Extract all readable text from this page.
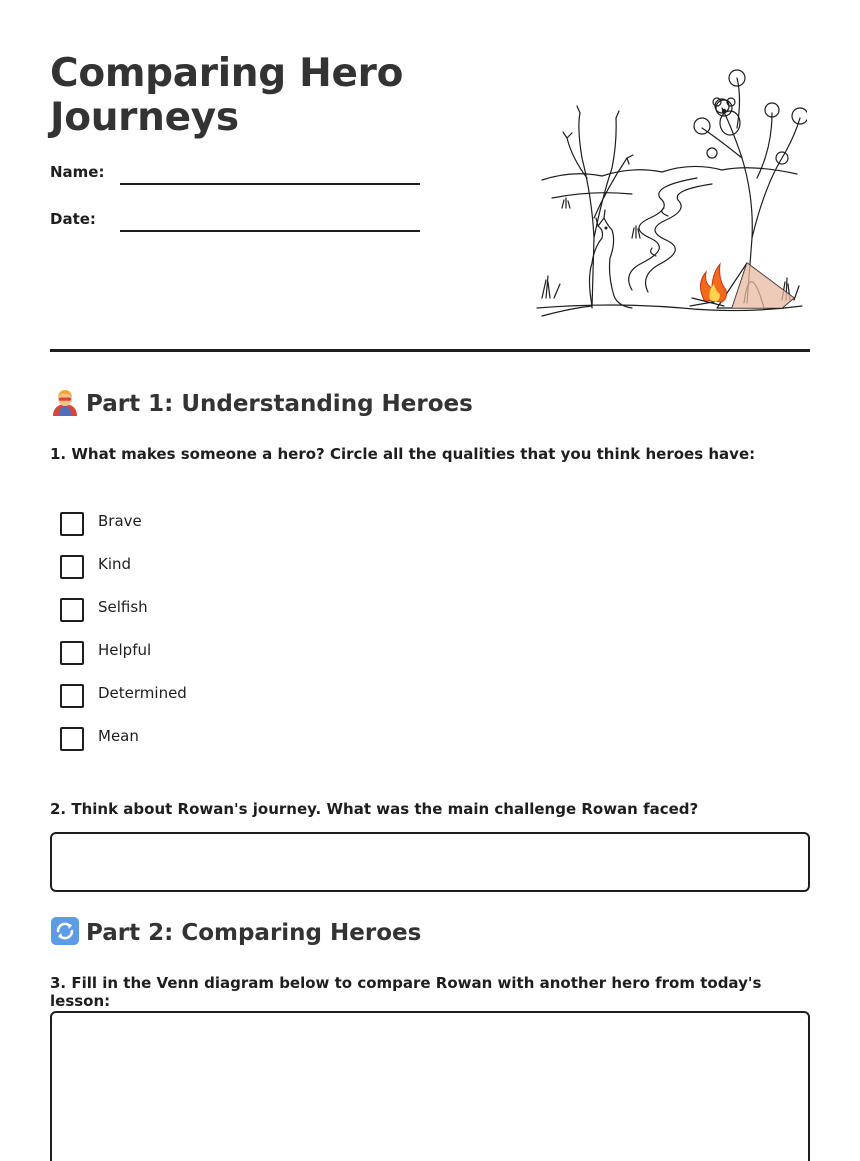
Comparing Hero Journeys
Name:
Date:
Part 1: Understanding Heroes

1. What makes someone a hero? Circle all the qualities that you think heroes have:

Brave
Kind
Selfish
Helpful
Determined
Mean

2. Think about Rowan's journey. What was the main challenge Rowan faced?

Part 2: Comparing Heroes

3. Fill in the Venn diagram below to compare Rowan with another hero from today's lesson:
